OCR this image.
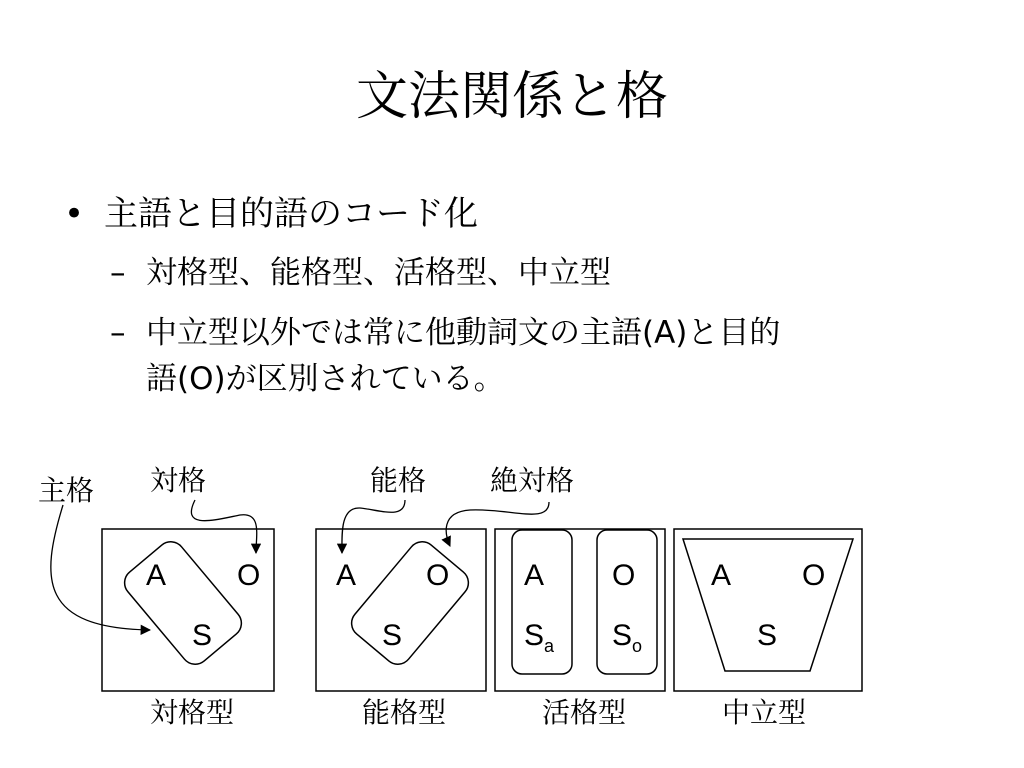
文法関係と格
• 主語と目的語のコード化
– 対格型、能格型、活格型、中立型
– 中立型以外では常に他動詞文の主語(A)と目的
語(O)が区別されている。
主格 対格	能格 絶対格
A O
S
対格型
A O
S
能格型
A O
S a S o
活格型
A O
S
中立型
